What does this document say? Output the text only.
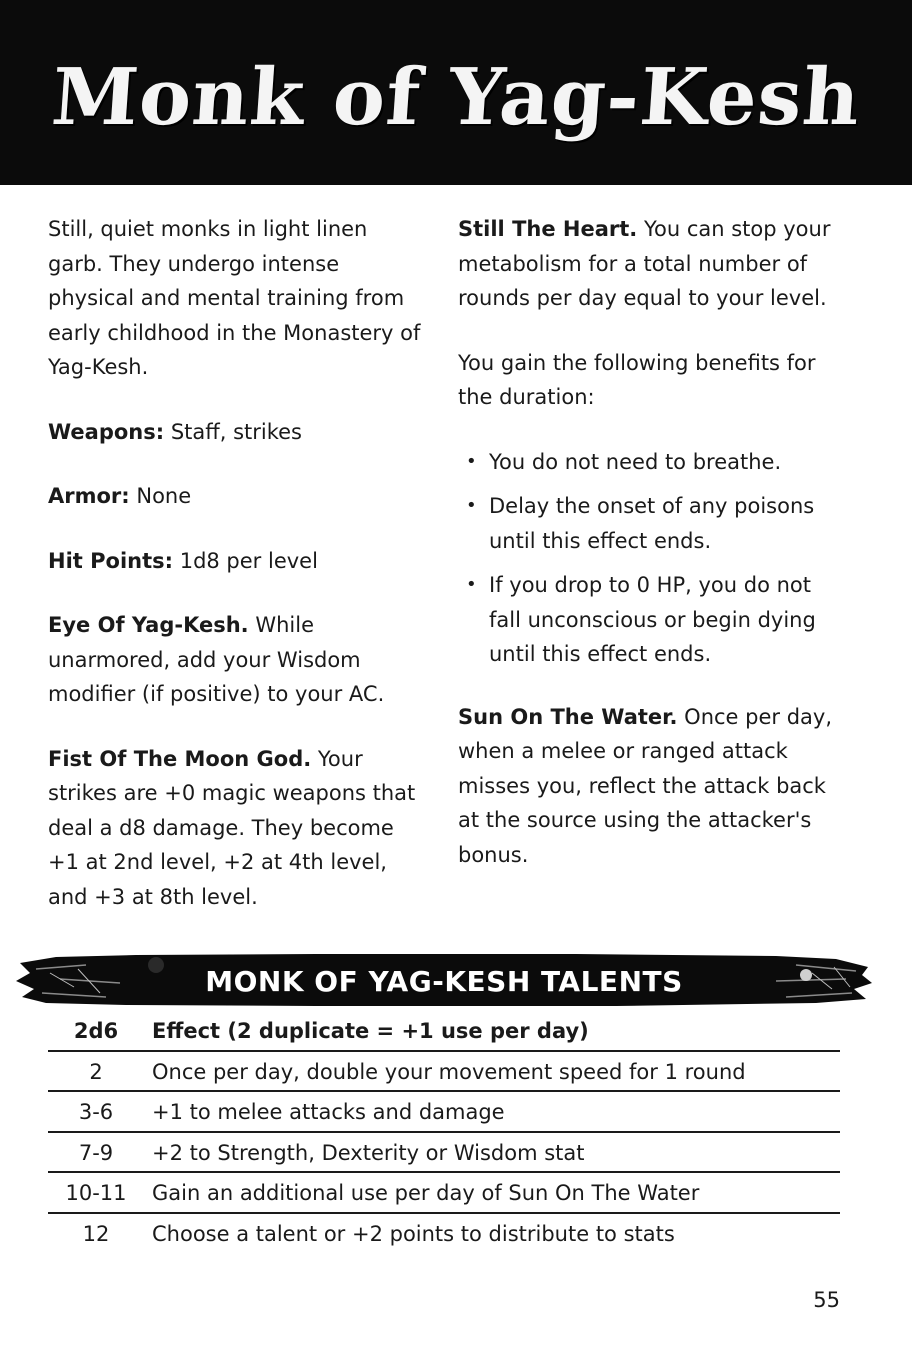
Monk of Yag-Kesh

Still, quiet monks in light linen garb. They undergo intense physical and mental training from early childhood in the Monastery of Yag-Kesh.

Weapons: Staff, strikes

Armor: None

Hit Points: 1d8 per level

Eye Of Yag-Kesh. While unarmored, add your Wisdom modifier (if positive) to your AC.

Fist Of The Moon God. Your strikes are +0 magic weapons that deal a d8 damage. They become +1 at 2nd level, +2 at 4th level, and +3 at 8th level.

Still The Heart. You can stop your metabolism for a total number of rounds per day equal to your level.

You gain the following benefits for the duration:

• You do not need to breathe.
• Delay the onset of any poisons until this effect ends.
• If you drop to 0 HP, you do not fall unconscious or begin dying until this effect ends.

Sun On The Water. Once per day, when a melee or ranged attack misses you, reflect the attack back at the source using the attacker's bonus.

MONK OF YAG-KESH TALENTS
2d6	Effect (2 duplicate = +1 use per day)
2	Once per day, double your movement speed for 1 round
3-6	+1 to melee attacks and damage
7-9	+2 to Strength, Dexterity or Wisdom stat
10-11	Gain an additional use per day of Sun On The Water
12	Choose a talent or +2 points to distribute to stats
55
